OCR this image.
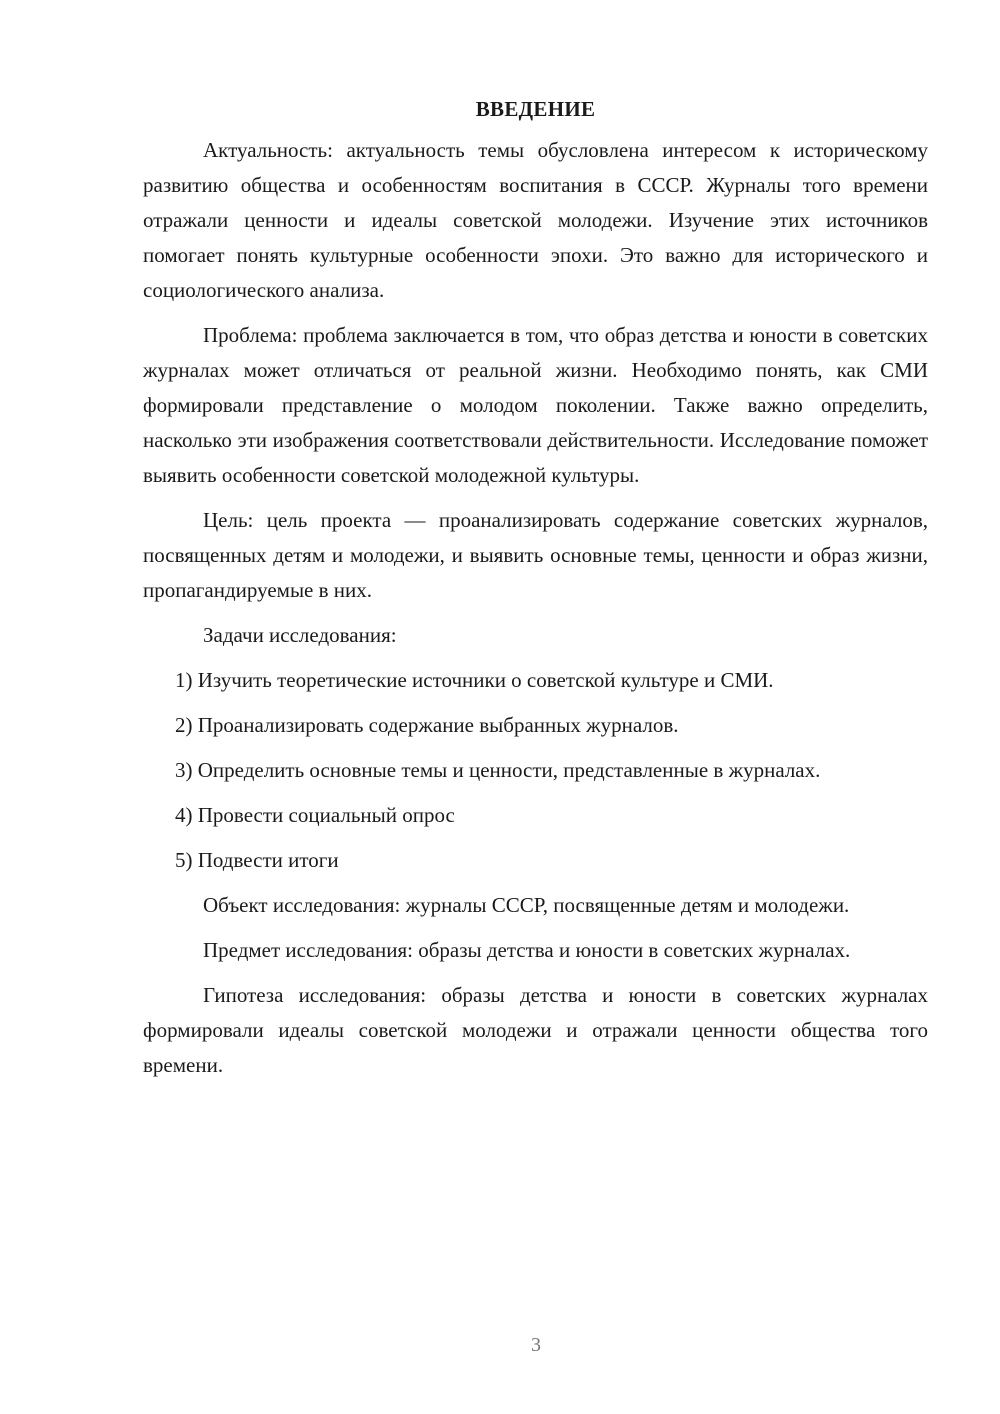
ВВЕДЕНИЕ

Актуальность: актуальность темы обусловлена интересом к историческому развитию общества и особенностям воспитания в СССР. Журналы того времени отражали ценности и идеалы советской молодежи. Изучение этих источников помогает понять культурные особенности эпохи. Это важно для исторического и социологического анализа.

Проблема: проблема заключается в том, что образ детства и юности в советских журналах может отличаться от реальной жизни. Необходимо понять, как СМИ формировали представление о молодом поколении. Также важно определить, насколько эти изображения соответствовали действительности. Исследование поможет выявить особенности советской молодежной культуры.

Цель: цель проекта — проанализировать содержание советских журналов, посвященных детям и молодежи, и выявить основные темы, ценности и образ жизни, пропагандируемые в них.

Задачи исследования:

1) Изучить теоретические источники о советской культуре и СМИ.

2) Проанализировать содержание выбранных журналов.

3) Определить основные темы и ценности, представленные в журналах.

4) Провести социальный опрос

5) Подвести итоги

Объект исследования: журналы СССР, посвященные детям и молодежи.

Предмет исследования: образы детства и юности в советских журналах.

Гипотеза исследования: образы детства и юности в советских журналах формировали идеалы советской молодежи и отражали ценности общества того времени.

3
